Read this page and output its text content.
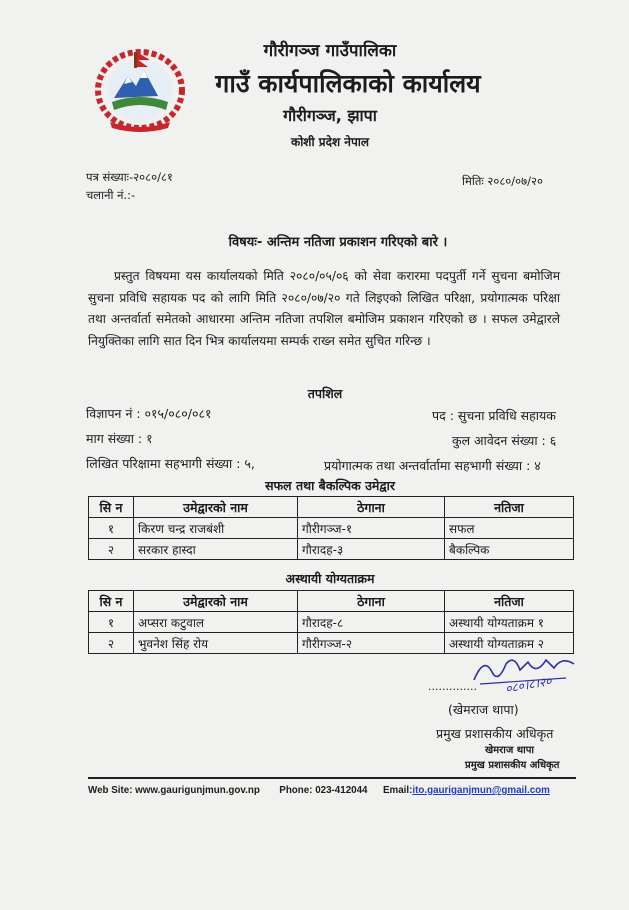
गौरीगञ्ज गाउँपालिका
गाउँ कार्यपालिकाको कार्यालय
गौरीगञ्ज, झापा
कोशी प्रदेश नेपाल
पत्र संख्याः-२०८०/८१
चलानी नं.:-
मितिः २०८०/०७/२०
विषयः- अन्तिम नतिजा प्रकाशन गरिएको बारे ।
प्रस्तुत विषयमा यस कार्यालयको मिति २०८०/०५/०६ को सेवा करारमा पदपुर्ती गर्ने सुचना बमोजिम सुचना प्रविधि सहायक पद को लागि मिति २०८०/०७/२० गते लिइएको लिखित परिक्षा, प्रयोगात्मक परिक्षा तथा अन्तर्वार्ता समेतको आधारमा अन्तिम नतिजा तपशिल बमोजिम प्रकाशन गरिएको छ । सफल उमेद्वारले नियुक्तिका लागि सात दिन भित्र कार्यालयमा सम्पर्क राख्न समेत सुचित गरिन्छ ।
तपशिल
विज्ञापन नं : ०१५/०८०/०८१	पद : सुचना प्रविधि सहायक
माग संख्या : १	कुल आवेदन संख्या : ६
लिखित परिक्षामा सहभागी संख्या : ५,	प्रयोगात्मक तथा अन्तर्वार्तामा सहभागी संख्या : ४
सफल तथा बैकल्पिक उमेद्वार
सि न	उमेद्वारको नाम	ठेगाना	नतिजा
१	किरण चन्द्र राजबंशी	गौरीगञ्ज-१	सफल
२	सरकार हास्दा	गौरादह-३	बैकल्पिक
अस्थायी योग्यताक्रम
सि न	उमेद्वारको नाम	ठेगाना	नतिजा
१	अप्सरा कटुवाल	गौरादह-८	अस्थायी योग्यताक्रम १
२	भुवनेश सिंह रोय	गौरीगञ्ज-२	अस्थायी योग्यताक्रम २
.............. ०८०।८।२०
(खेमराज थापा)
प्रमुख प्रशासकीय अधिकृत
खेमराज थापा
प्रमुख प्रशासकीय अधिकृत
Web Site: www.gaurigunjmun.gov.np Phone: 023-412044 Email:ito.gauriganjmun@gmail.com
